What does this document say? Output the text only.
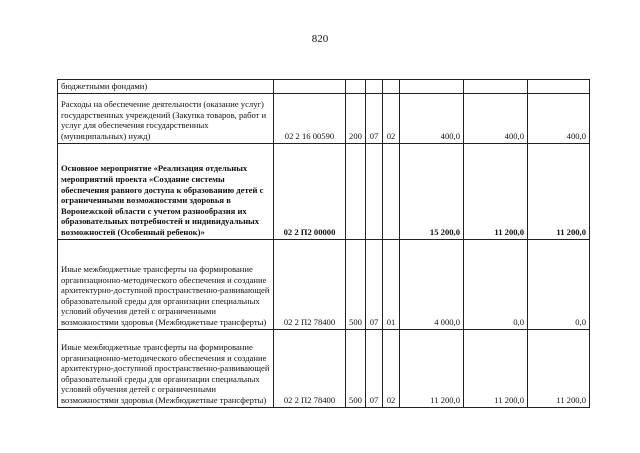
820
бюджетными фондами)							
Расходы на обеспечение деятельности (оказание услуг) государственных учреждений (Закупка товаров, работ и услуг для обеспечения государственных (муниципальных) нужд)	02 2 16 00590	200	07	02	400,0	400,0	400,0
Основное мероприятие «Реализация отдельных мероприятий проекта «Создание системы обеспечения равного доступа к образованию детей с ограниченными возможностями здоровья в Воронежской области с учетом разнообразия их образовательных потребностей и индивидуальных возможностей (Особенный ребенок)»	02 2 П2 00000				15 200,0	11 200,0	11 200,0
Иные межбюджетные трансферты на формирование организационно-методического обеспечения и создание архитектурно-доступной пространственно-развивающей образовательной среды для организации специальных условий обучения детей с ограниченными возможностями здоровья (Межбюджетные трансферты)	02 2 П2 78400	500	07	01	4 000,0	0,0	0,0
Иные межбюджетные трансферты на формирование организационно-методического обеспечения и создание архитектурно-доступной пространственно-развивающей образовательной среды для организации специальных условий обучения детей с ограниченными возможностями здоровья (Межбюджетные трансферты)	02 2 П2 78400	500	07	02	11 200,0	11 200,0	11 200,0
